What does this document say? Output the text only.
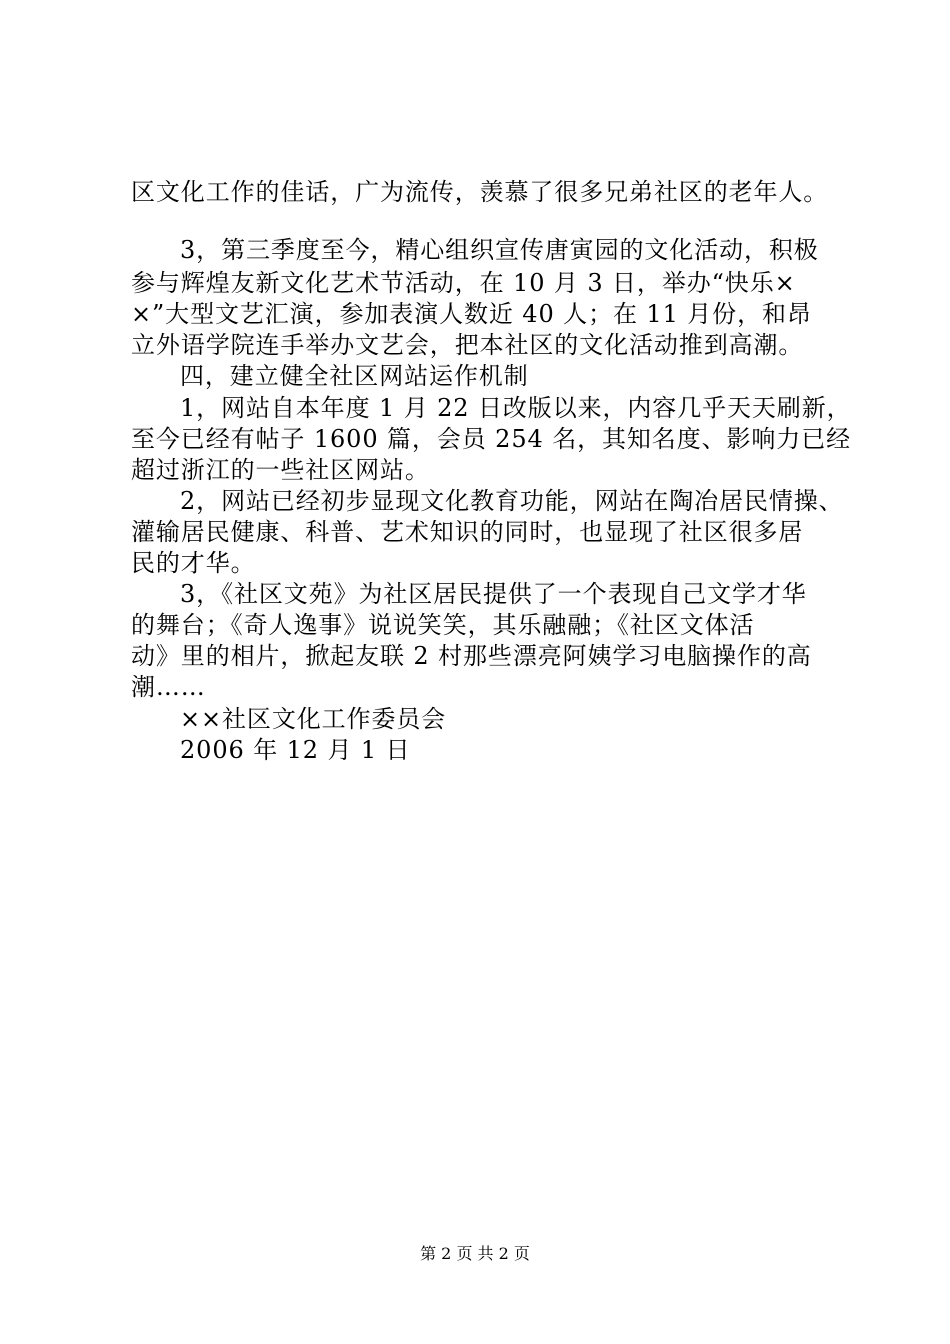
区文化工作的佳话，广为流传，羡慕了很多兄弟社区的老年人。
3，第三季度至今，精心组织宣传唐寅园的文化活动，积极
参与辉煌友新文化艺术节活动，在 10 月 3 日，举办“快乐×
×”大型文艺汇演，参加表演人数近 40 人；在 11 月份，和昂
立外语学院连手举办文艺会，把本社区的文化活动推到高潮。
四，建立健全社区网站运作机制
1，网站自本年度 1 月 22 日改版以来，内容几乎天天刷新，
至今已经有帖子 1600 篇，会员 254 名，其知名度、影响力已经
超过浙江的一些社区网站。
2，网站已经初步显现文化教育功能，网站在陶冶居民情操、
灌输居民健康、科普、艺术知识的同时，也显现了社区很多居
民的才华。
3，《社区文苑》为社区居民提供了一个表现自己文学才华
的舞台；《奇人逸事》说说笑笑，其乐融融；《社区文体活
动》里的相片，掀起友联 2 村那些漂亮阿姨学习电脑操作的高
潮……
××社区文化工作委员会
2006 年 12 月 1 日
第 2 页 共 2 页
